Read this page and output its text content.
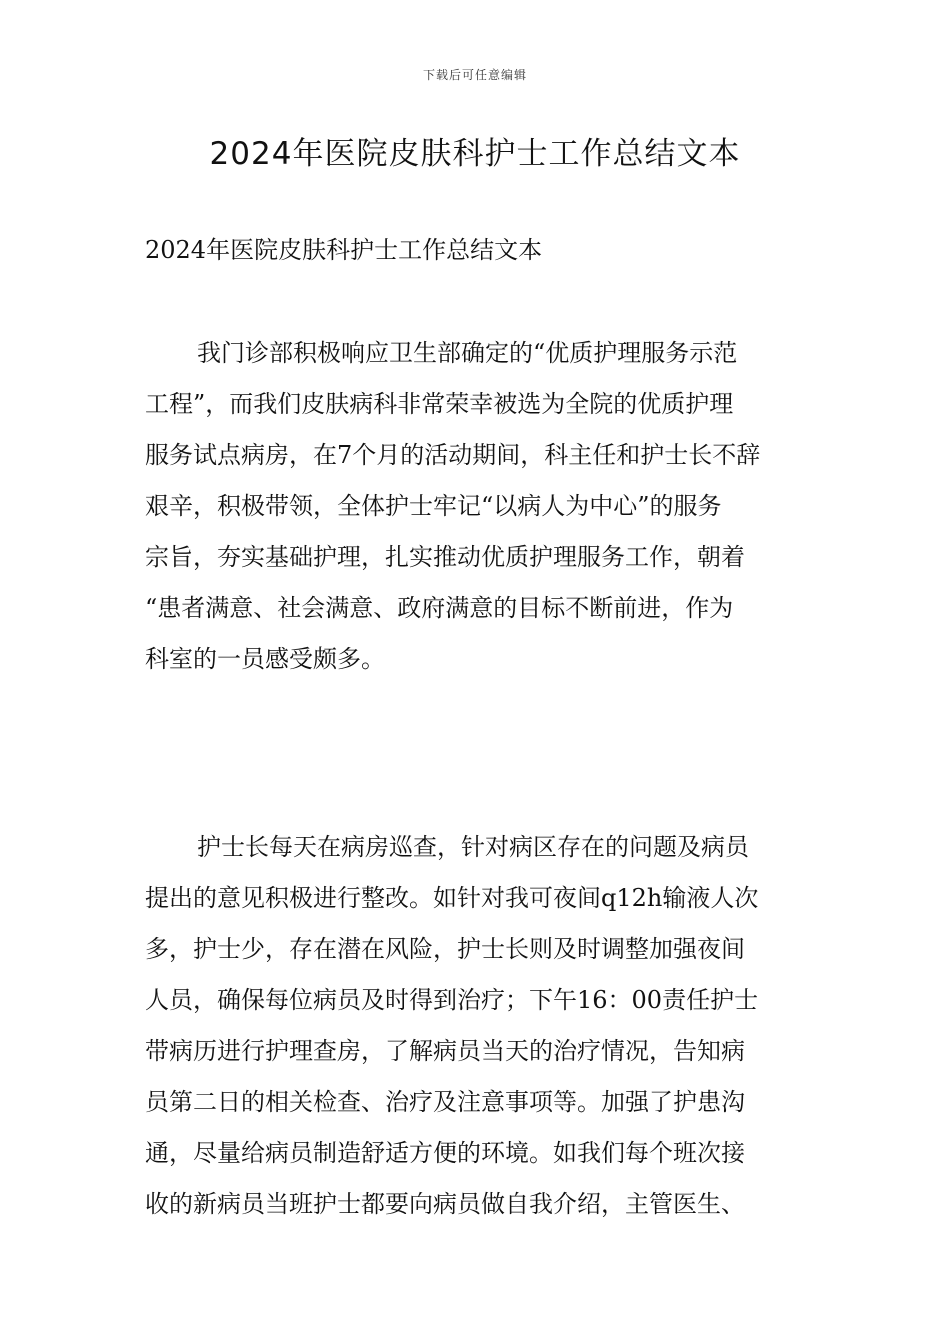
下载后可任意编辑
2024年医院皮肤科护士工作总结文本

2024年医院皮肤科护士工作总结文本

我门诊部积极响应卫生部确定的“优质护理服务示范
工程”，而我们皮肤病科非常荣幸被选为全院的优质护理
服务试点病房，在7个月的活动期间，科主任和护士长不辞
艰辛，积极带领，全体护士牢记“以病人为中心”的服务
宗旨，夯实基础护理，扎实推动优质护理服务工作，朝着
“患者满意、社会满意、政府满意的目标不断前进，作为
科室的一员感受颇多。
护士长每天在病房巡查，针对病区存在的问题及病员
提出的意见积极进行整改。如针对我可夜间q12h输液人次
多，护士少，存在潜在风险，护士长则及时调整加强夜间
人员，确保每位病员及时得到治疗；下午16：00责任护士
带病历进行护理查房，了解病员当天的治疗情况，告知病
员第二日的相关检查、治疗及注意事项等。加强了护患沟
通，尽量给病员制造舒适方便的环境。如我们每个班次接
收的新病员当班护士都要向病员做自我介绍，主管医生、
